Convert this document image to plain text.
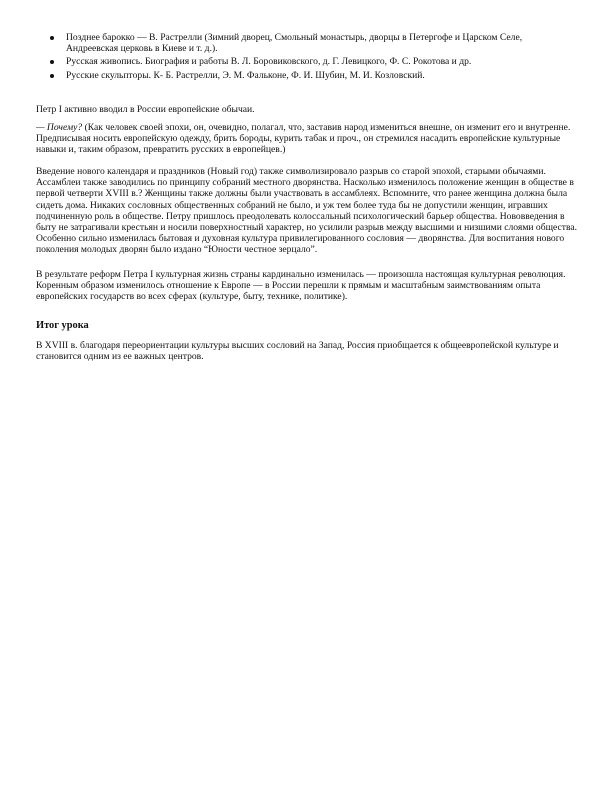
Позднее барокко — В. Растрелли (Зимний дворец, Смольный монастырь, дворцы в Петергофе и Царском Селе, Андреевская церковь в Киеве и т. д.).
Русская живопись. Биография и работы В. Л. Боровиковского, д. Г. Левицкого, Ф. С. Рокотова и др.
Русские скульпторы. К- Б. Растрелли, Э. М. Фальконе, Ф. И. Шубин, М. И. Козловский.

Петр I активно вводил в России европейские обычаи.

— Почему? (Как человек своей эпохи, он, очевидно, полагал, что, заставив народ измениться внешне, он изменит его и внутренне. Предписывая носить европейскую одежду, брить бороды, курить табак и проч., он стремился насадить европейские культурные навыки и, таким образом, превратить русских в европейцев.)

Введение нового календаря и праздников (Новый год) также символизировало разрыв со старой эпохой, старыми обычаями. Ассамблеи также заводились по принципу собраний местного дворянства. Насколько изменилось положение женщин в обществе в первой четверти XVIII в.? Женщины также должны были участвовать в ассамблеях. Вспомните, что ранее женщина должна была сидеть дома. Никаких сословных общественных собраний не было, и уж тем более туда бы не допустили женщин, игравших подчиненную роль в обществе. Петру пришлось преодолевать колоссальный психологический барьер общества. Нововведения в быту не затрагивали крестьян и носили поверхностный характер, но усилили разрыв между высшими и низшими слоями общества. Особенно сильно изменилась бытовая и духовная культура привилегированного сословия — дворянства. Для воспитания нового поколения молодых дворян было издано “Юности честное зерцало”.

В результате реформ Петра I культурная жизнь страны кардинально изменилась — произошла настоящая культурная революция. Коренным образом изменилось отношение к Европе — в России перешли к прямым и масштабным заимствованиям опыта европейских государств во всех сферах (культуре, быту, технике, политике).

Итог урока

В XVIII в. благодаря переориентации культуры высших сословий на Запад, Россия приобщается к общеевропейской культуре и становится одним из ее важных центров.
